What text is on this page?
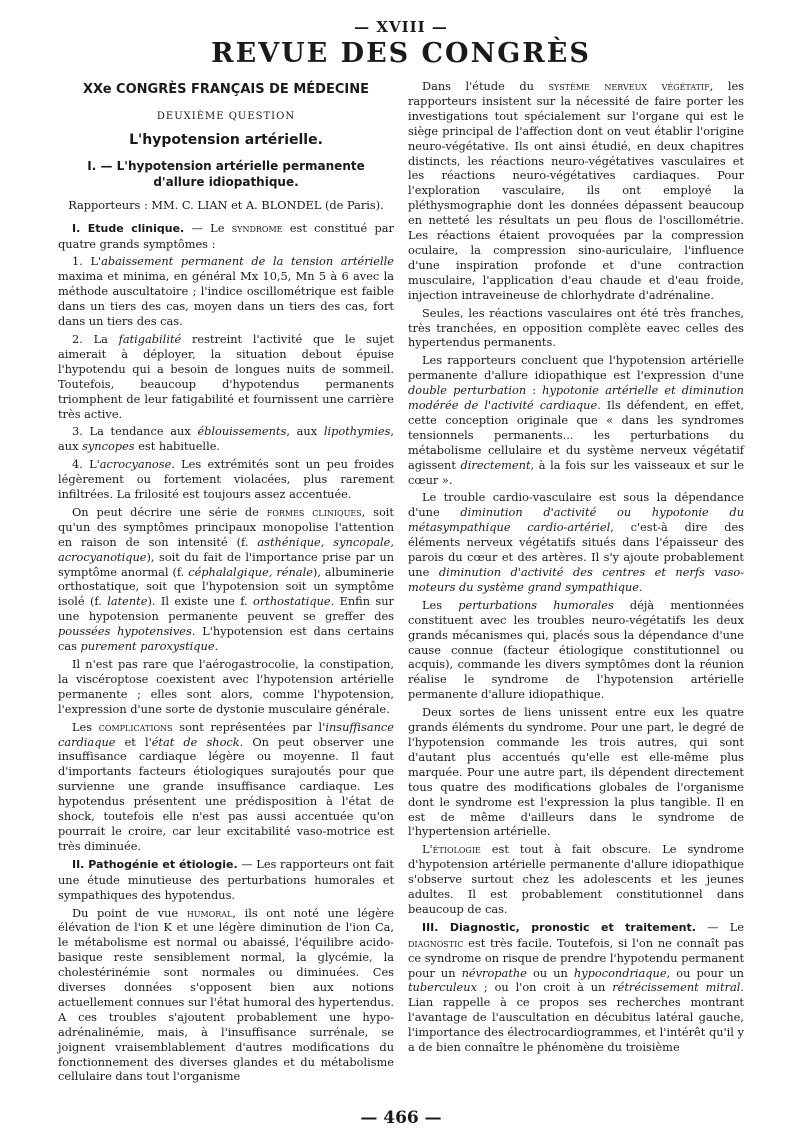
— XVIII —
REVUE DES CONGRÈS
XXe CONGRÈS FRANÇAIS DE MÉDECINE
DEUXIÈME QUESTION
L'hypotension artérielle.
I. — L'hypotension artérielle permanente
d'allure idiopathique.
Rapporteurs : MM. C. LIAN et A. BLONDEL (de Paris).

I. Etude clinique. — Le syndrome est constitué par quatre grands symptômes :

1. L'abaissement permanent de la tension artérielle maxima et minima, en général Mx 10,5, Mn 5 à 6 avec la méthode auscultatoire ; l'indice oscillométrique est faible dans un tiers des cas, moyen dans un tiers des cas, fort dans un tiers des cas.

2. La fatigabilité restreint l'activité que le sujet aimerait à déployer, la situation debout épuise l'hypotendu qui a besoin de longues nuits de sommeil. Toutefois, beaucoup d'hypotendus permanents triomphent de leur fatigabilité et fournissent une carrière très active.

3. La tendance aux éblouissements, aux lipothymies, aux syncopes est habituelle.

4. L'acrocyanose. Les extrémités sont un peu froides légèrement ou fortement violacées, plus rarement infiltrées. La frilosité est toujours assez accentuée.

On peut décrire une série de formes cliniques, soit qu'un des symptômes principaux monopolise l'attention en raison de son intensité (f. asthénique, syncopale, acrocyanotique), soit du fait de l'importance prise par un symptôme anormal (f. céphalalgique, rénale), albuminerie orthostatique, soit que l'hypotension soit un symptôme isolé (f. latente). Il existe une f. orthostatique. Enfin sur une hypotension permanente peuvent se greffer des poussées hypotensives. L'hypotension est dans certains cas purement paroxystique.

Il n'est pas rare que l'aérogastrocolie, la constipation, la viscéroptose coexistent avec l'hypotension artérielle permanente ; elles sont alors, comme l'hypotension, l'expression d'une sorte de dystonie musculaire générale.

Les complications sont représentées par l'insuffisance cardiaque et l'état de shock. On peut observer une insuffisance cardiaque légère ou moyenne. Il faut d'importants facteurs étiologiques surajoutés pour que survienne une grande insuffisance cardiaque. Les hypotendus présentent une prédisposition à l'état de shock, toutefois elle n'est pas aussi accentuée qu'on pourrait le croire, car leur excitabilité vaso-motrice est très diminuée.

II. Pathogénie et étiologie. — Les rapporteurs ont fait une étude minutieuse des perturbations humorales et sympathiques des hypotendus.

Du point de vue humoral, ils ont noté une légère élévation de l'ion K et une légère diminution de l'ion Ca, le métabolisme est normal ou abaissé, l'équilibre acido-basique reste sensiblement normal, la glycémie, la cholestérinémie sont normales ou diminuées. Ces diverses données s'opposent bien aux notions actuellement connues sur l'état humoral des hypertendus. A ces troubles s'ajoutent probablement une hypo-adrénalinémie, mais, à l'insuffisance surrénale, se joignent vraisemblablement d'autres modifications du fonctionnement des diverses glandes et du métabolisme cellulaire dans tout l'organisme

Dans l'étude du système nerveux végétatif, les rapporteurs insistent sur la nécessité de faire porter les investigations tout spécialement sur l'organe qui est le siège principal de l'affection dont on veut établir l'origine neuro-végétative. Ils ont ainsi étudié, en deux chapitres distincts, les réactions neuro-végétatives vasculaires et les réactions neuro-végétatives cardiaques. Pour l'exploration vasculaire, ils ont employé la pléthysmographie dont les données dépassent beaucoup en netteté les résultats un peu flous de l'oscillométrie. Les réactions étaient provoquées par la compression oculaire, la compression sino-auriculaire, l'influence d'une inspiration profonde et d'une contraction musculaire, l'application d'eau chaude et d'eau froide, injection intraveineuse de chlorhydrate d'adrénaline.

Seules, les réactions vasculaires ont été très franches, très tranchées, en opposition complète eavec celles des hypertendus permanents.

Les rapporteurs concluent que l'hypotension artérielle permanente d'allure idiopathique est l'expression d'une double perturbation : hypotonie artérielle et diminution modérée de l'activité cardiaque. Ils défendent, en effet, cette conception originale que « dans les syndromes tensionnels permanents... les perturbations du métabolisme cellulaire et du système nerveux végétatif agissent directement, à la fois sur les vaisseaux et sur le cœur ».

Le trouble cardio-vasculaire est sous la dépendance d'une diminution d'activité ou hypotonie du métasympathique cardio-artériel, c'est-à dire des éléments nerveux végétatifs situés dans l'épaisseur des parois du cœur et des artères. Il s'y ajoute probablement une diminution d'activité des centres et nerfs vaso-moteurs du système grand sympathique.

Les perturbations humorales déjà mentionnées constituent avec les troubles neuro-végétatifs les deux grands mécanismes qui, placés sous la dépendance d'une cause connue (facteur étiologique constitutionnel ou acquis), commande les divers symptômes dont la réunion réalise le syndrome de l'hypotension artérielle permanente d'allure idiopathique.

Deux sortes de liens unissent entre eux les quatre grands éléments du syndrome. Pour une part, le degré de l'hypotension commande les trois autres, qui sont d'autant plus accentués qu'elle est elle-même plus marquée. Pour une autre part, ils dépendent directement tous quatre des modifications globales de l'organisme dont le syndrome est l'expression la plus tangible. Il en est de même d'ailleurs dans le syndrome de l'hypertension artérielle.

L'étiologie est tout à fait obscure. Le syndrome d'hypotension artérielle permanente d'allure idiopathique s'observe surtout chez les adolescents et les jeunes adultes. Il est probablement constitutionnel dans beaucoup de cas.

III. Diagnostic, pronostic et traitement. — Le diagnostic est très facile. Toutefois, si l'on ne connaît pas ce syndrome on risque de prendre l'hypotendu permanent pour un névropathe ou un hypocondriaque, ou pour un tuberculeux ; ou l'on croit à un rétrécissement mitral. Lian rappelle à ce propos ses recherches montrant l'avantage de l'auscultation en décubitus latéral gauche, l'importance des électrocardiogrammes, et l'intérêt qu'il y a de bien connaître le phénomène du troisième

— 466 —
